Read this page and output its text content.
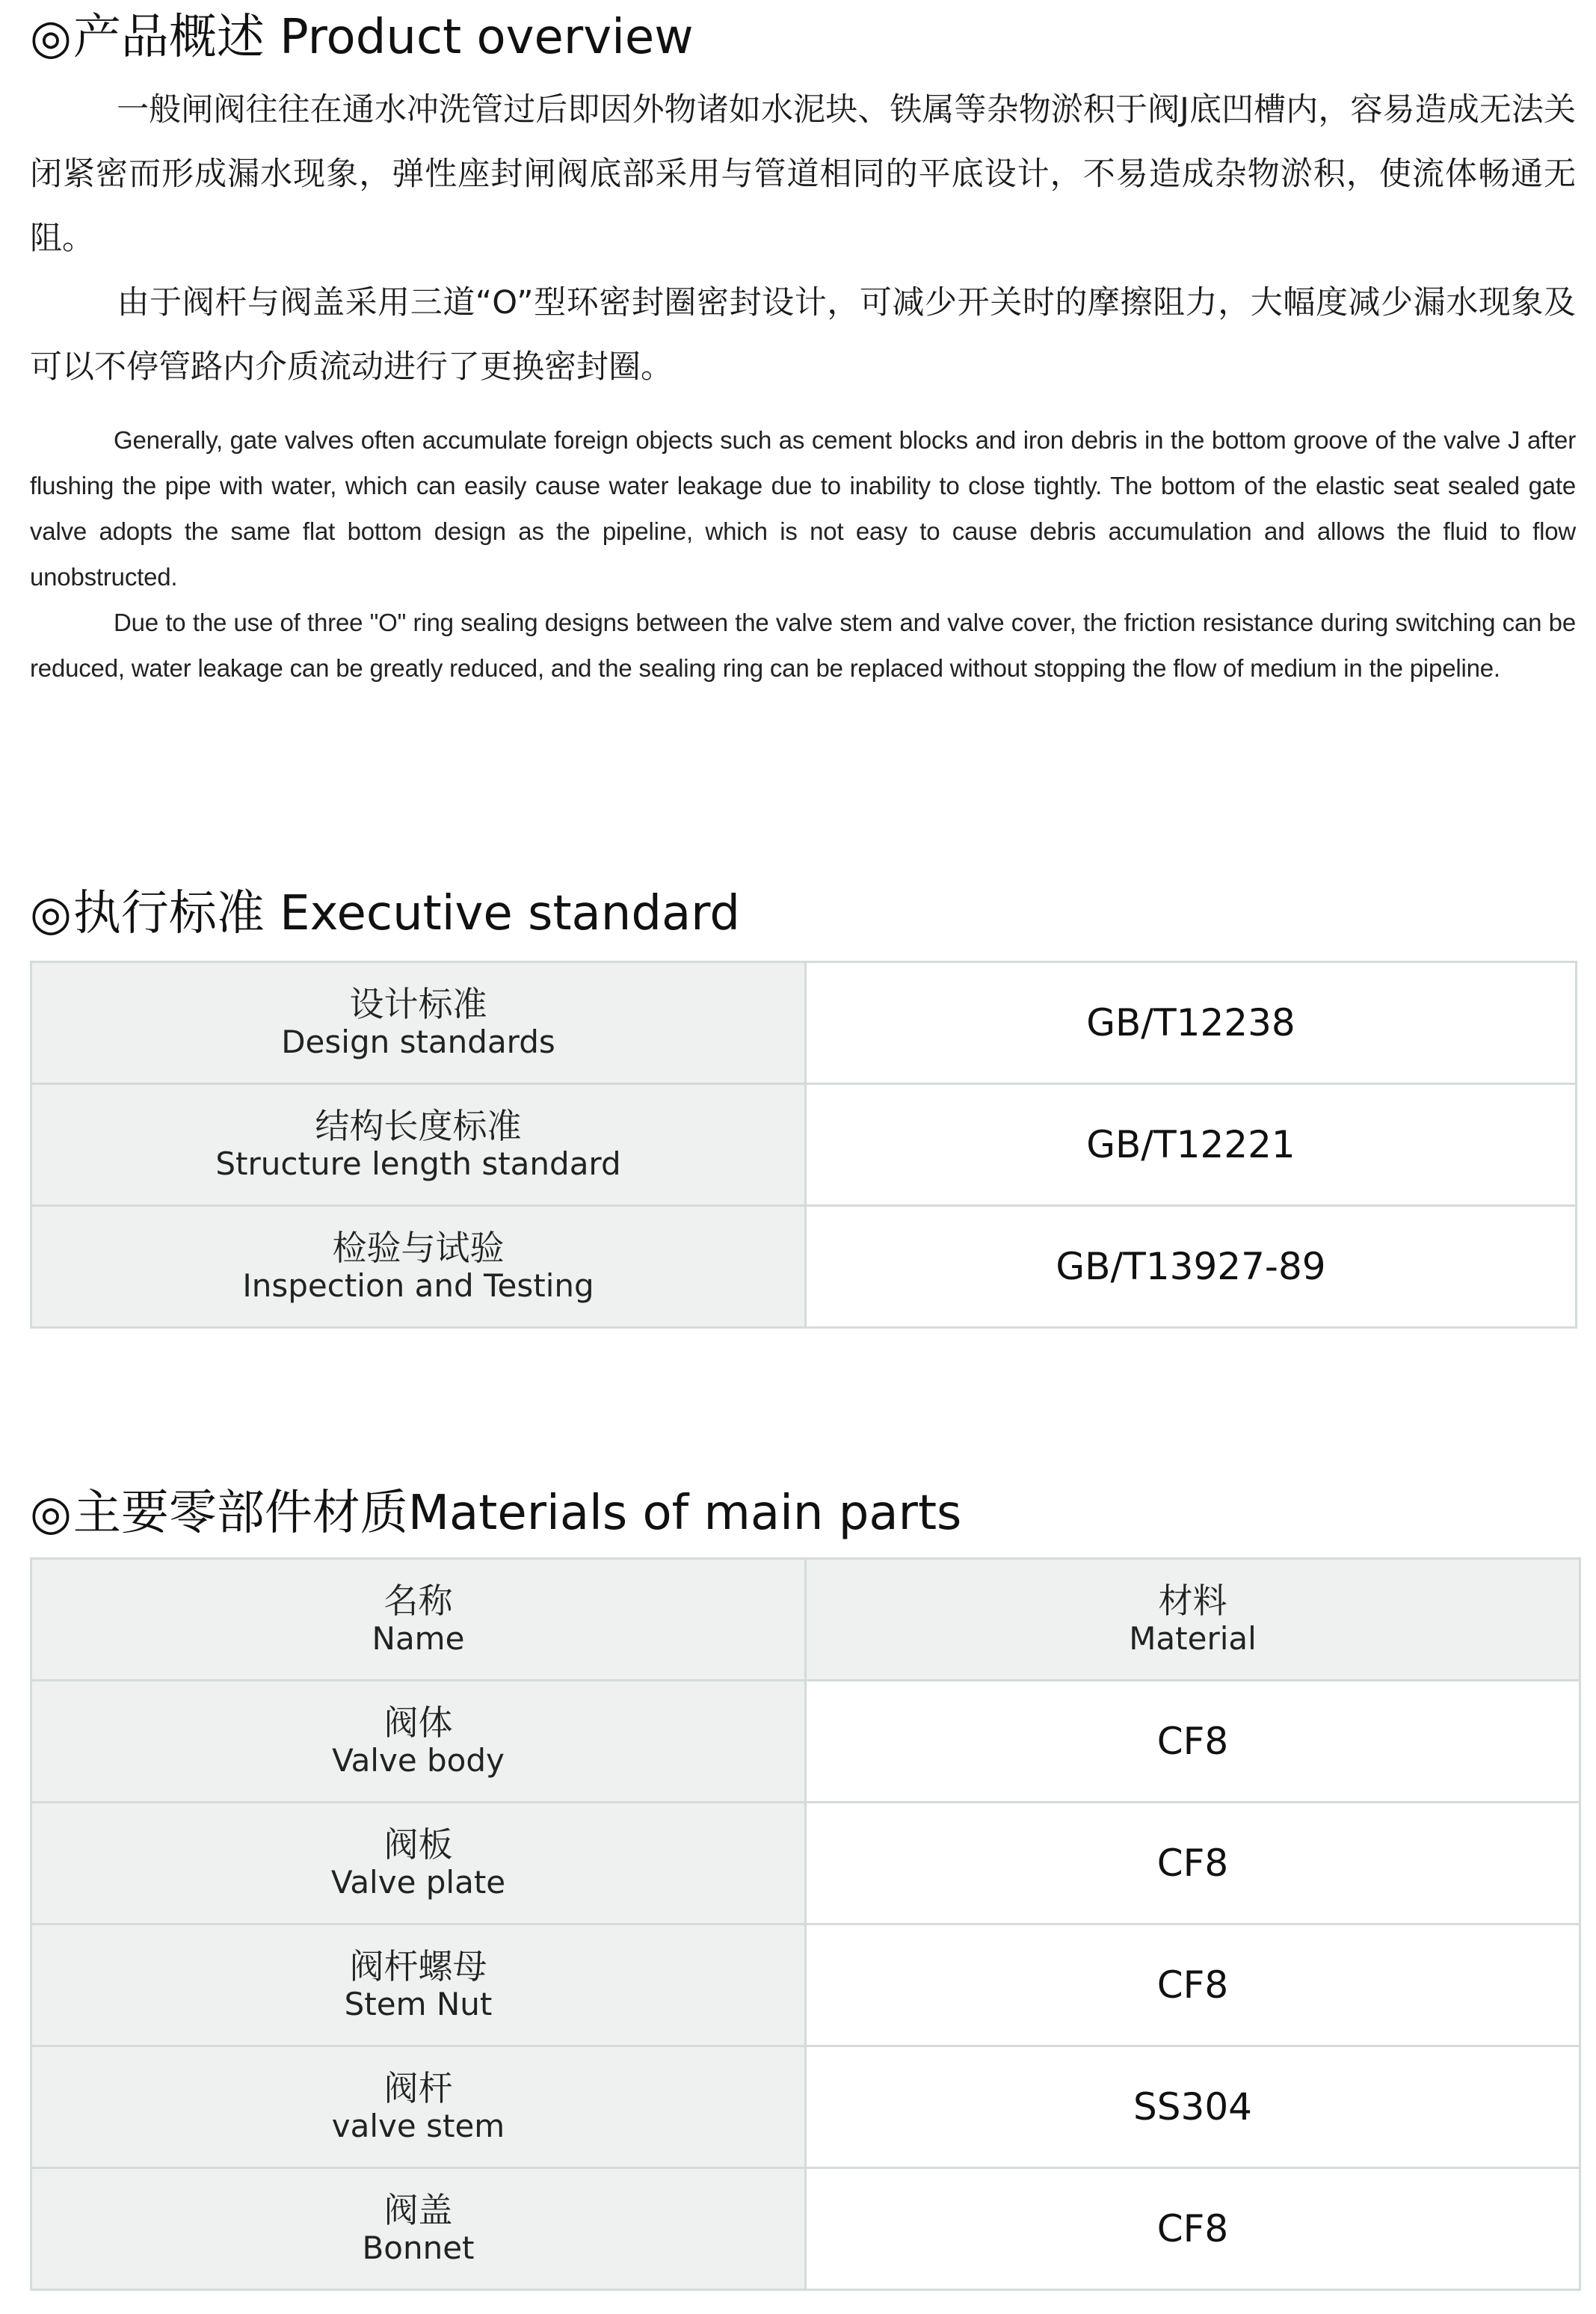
◎产品概述 Product overview

一般闸阀往往在通水冲洗管过后即因外物诸如水泥块、铁属等杂物淤积于阀J底凹槽内，容易造成无法关闭紧密而形成漏水现象，弹性座封闸阀底部采用与管道相同的平底设计，不易造成杂物淤积，使流体畅通无阻。

由于阀杆与阀盖采用三道“O”型环密封圈密封设计，可减少开关时的摩擦阻力，大幅度减少漏水现象及可以不停管路内介质流动进行了更换密封圈。

Generally, gate valves often accumulate foreign objects such as cement blocks and iron debris in the bottom groove of the valve J after flushing the pipe with water, which can easily cause water leakage due to inability to close tightly. The bottom of the elastic seat sealed gate valve adopts the same flat bottom design as the pipeline, which is not easy to cause debris accumulation and allows the fluid to flow unobstructed.

Due to the use of three "O" ring sealing designs between the valve stem and valve cover, the friction resistance during switching can be reduced, water leakage can be greatly reduced, and the sealing ring can be replaced without stopping the flow of medium in the pipeline.

◎执行标准 Executive standard
设计标准
Design standards	GB/T12238

结构长度标准
Structure length standard	GB/T12221

检验与试验
Inspection and Testing	GB/T13927-89
◎主要零部件材质Materials of main parts
名称
Name	材料
Material

阀体
Valve body	CF8

阀板
Valve plate	CF8

阀杆螺母
Stem Nut	CF8

阀杆
valve stem	SS304

阀盖
Bonnet	CF8
